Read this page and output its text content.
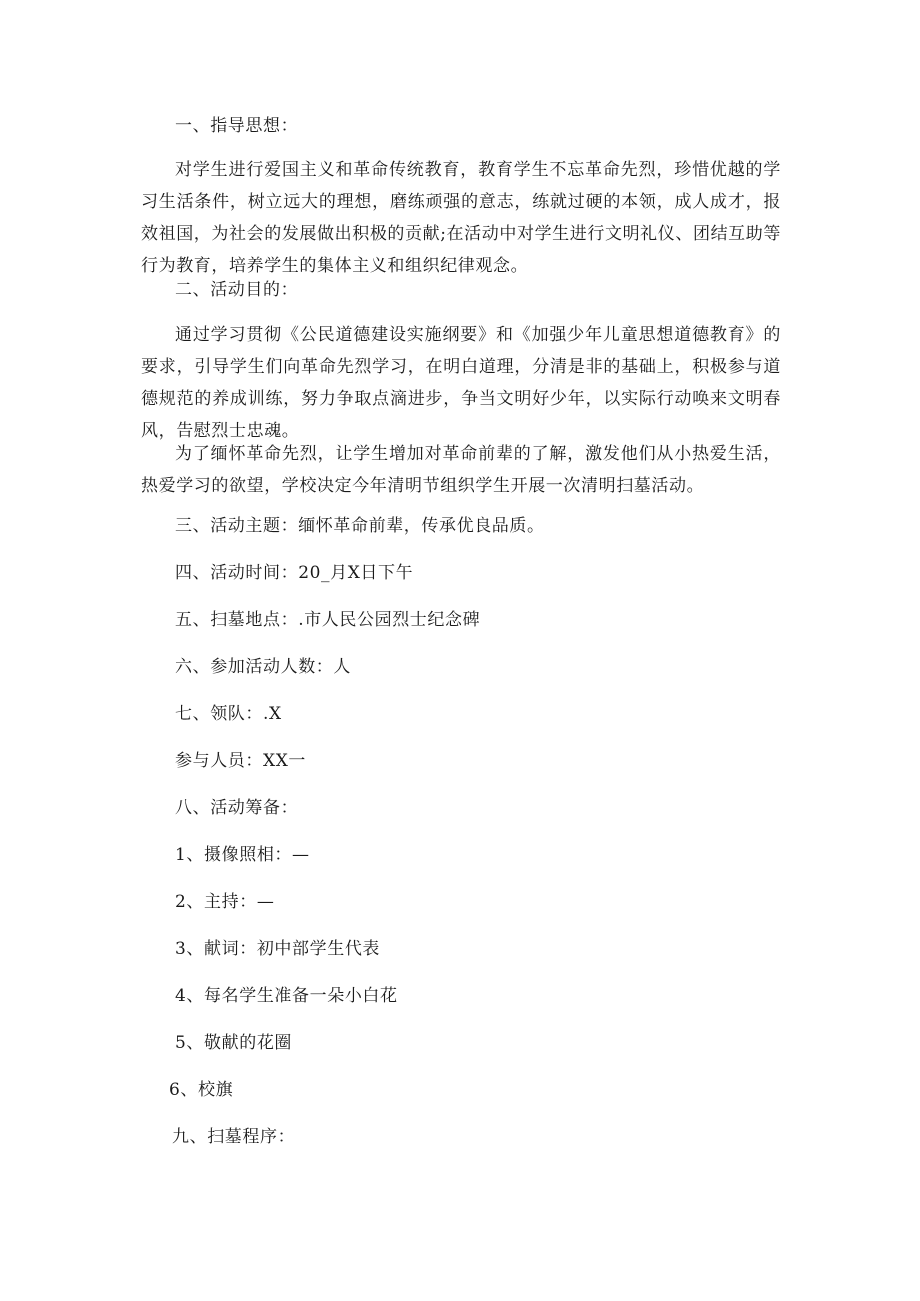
一、指导思想：
对学生进行爱国主义和革命传统教育，教育学生不忘革命先烈，珍惜优越的学习生活条件，树立远大的理想，磨练顽强的意志，练就过硬的本领，成人成才，报效祖国，为社会的发展做出积极的贡献;在活动中对学生进行文明礼仪、团结互助等行为教育，培养学生的集体主义和组织纪律观念。
二、活动目的：
通过学习贯彻《公民道德建设实施纲要》和《加强少年儿童思想道德教育》的要求，引导学生们向革命先烈学习，在明白道理，分清是非的基础上，积极参与道德规范的养成训练，努力争取点滴进步，争当文明好少年，以实际行动唤来文明春风，告慰烈士忠魂。
为了缅怀革命先烈，让学生增加对革命前辈的了解，激发他们从小热爱生活，热爱学习的欲望，学校决定今年清明节组织学生开展一次清明扫墓活动。
三、活动主题：缅怀革命前辈，传承优良品质。
四、活动时间：20_月X日下午
五、扫墓地点：.市人民公园烈士纪念碑
六、参加活动人数：人
七、领队：.X
参与人员：XX一
八、活动筹备：
1、摄像照相：—
2、主持：—
3、献词：初中部学生代表
4、每名学生准备一朵小白花
5、敬献的花圈
6、校旗
九、扫墓程序：
